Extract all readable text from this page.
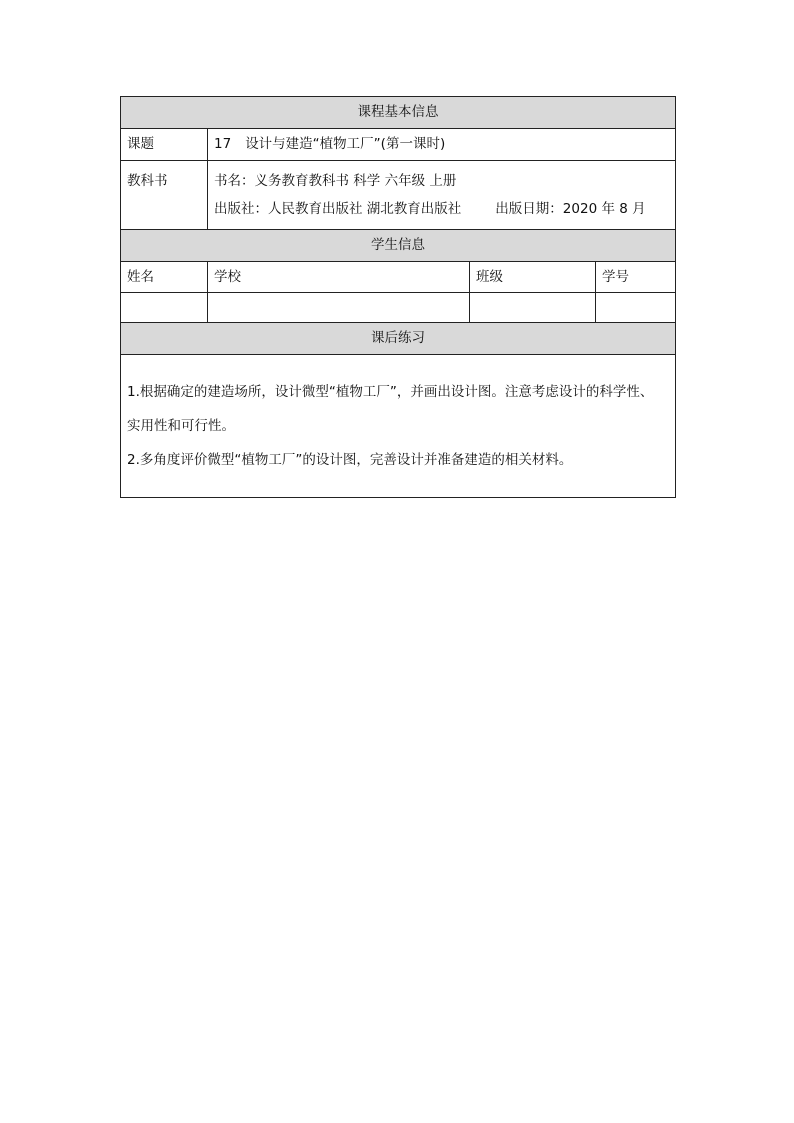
课程基本信息			
课题	17 设计与建造“植物工厂”(第一课时)		

教科书	书名：义务教育教科书 科学 六年级 上册
出版社：人民教育出版社 湖北教育出版社 出版日期：2020 年 8 月		

学生信息			
姓名	学校	班级	学号

课后练习			

1.根据确定的建造场所，设计微型“植物工厂”，并画出设计图。注意考虑设计的科学性、

实用性和可行性。

2.多角度评价微型“植物工厂”的设计图，完善设计并准备建造的相关材料。			
